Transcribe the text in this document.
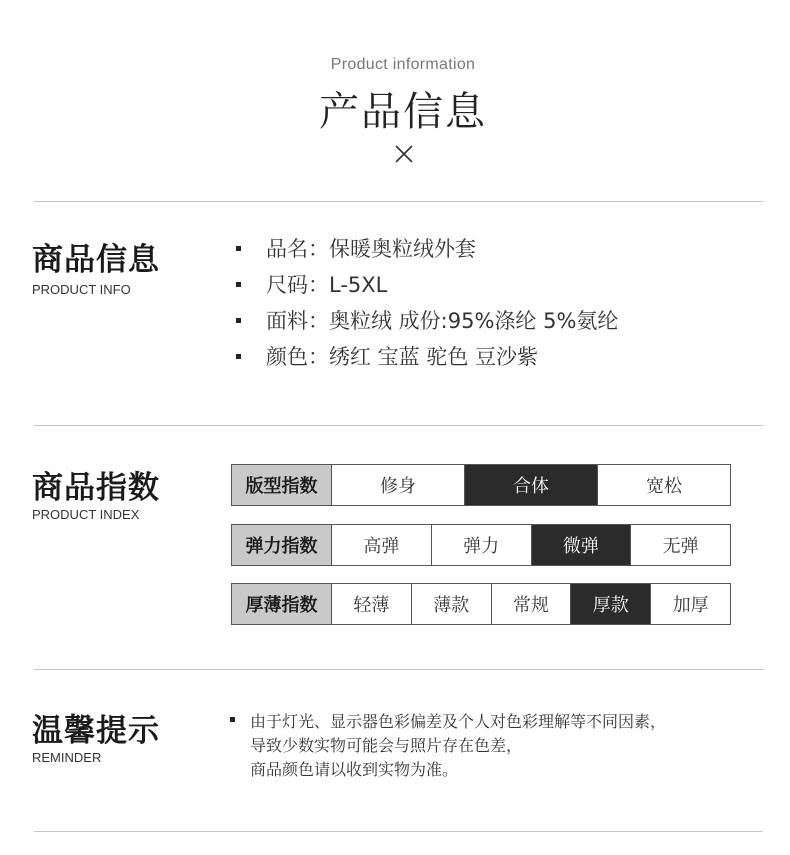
Product information
产品信息
商品信息
PRODUCT INFO
品名：保暖奥粒绒外套
尺码：L-5XL
面料：奥粒绒 成份:95%涤纶 5%氨纶
颜色：绣红 宝蓝 驼色 豆沙紫
商品指数
PRODUCT INDEX
版型指数	修身	合体	宽松
弹力指数	高弹	弹力	微弹	无弹
厚薄指数	轻薄	薄款	常规	厚款	加厚
温馨提示
REMINDER
由于灯光、显示器色彩偏差及个人对色彩理解等不同因素，
导致少数实物可能会与照片存在色差，
商品颜色请以收到实物为准。
